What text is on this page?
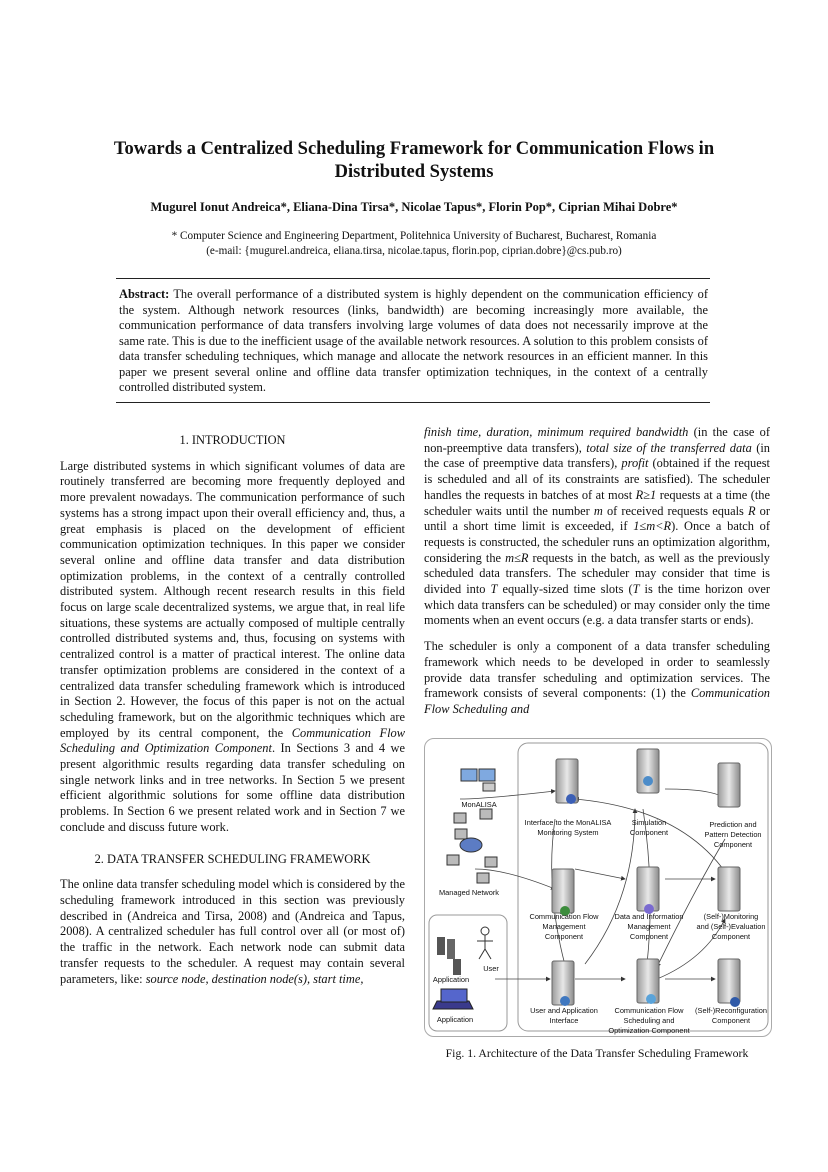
Towards a Centralized Scheduling Framework for Communication Flows in
Distributed Systems
Mugurel Ionut Andreica*, Eliana-Dina Tirsa*, Nicolae Tapus*, Florin Pop*, Ciprian Mihai Dobre*
* Computer Science and Engineering Department, Politehnica University of Bucharest, Bucharest, Romania
(e-mail: {mugurel.andreica, eliana.tirsa, nicolae.tapus, florin.pop, ciprian.dobre}@cs.pub.ro)
Abstract: The overall performance of a distributed system is highly dependent on the communication efficiency of the system. Although network resources (links, bandwidth) are becoming increasingly more available, the communication performance of data transfers involving large volumes of data does not necessarily improve at the same rate. This is due to the inefficient usage of the available network resources. A solution to this problem consists of data transfer scheduling techniques, which manage and allocate the network resources in an efficient manner. In this paper we present several online and offline data transfer optimization techniques, in the context of a centrally controlled distributed system.

1. INTRODUCTION

Large distributed systems in which significant volumes of data are routinely transferred are becoming more frequently deployed and more prevalent nowadays. The communication performance of such systems has a strong impact upon their overall efficiency and, thus, a great emphasis is placed on the development of efficient communication optimization techniques. In this paper we consider several online and offline data transfer and data distribution optimization problems, in the context of a centrally controlled distributed system. Although recent research results in this field focus on large scale decentralized systems, we argue that, in real life situations, these systems are actually composed of multiple centrally controlled distributed systems and, thus, focusing on systems with centralized control is a matter of practical interest. The online data transfer optimization problems are considered in the context of a centralized data transfer scheduling framework which is introduced in Section 2. However, the focus of this paper is not on the actual scheduling framework, but on the algorithmic techniques which are employed by its central component, the Communication Flow Scheduling and Optimization Component. In Sections 3 and 4 we present algorithmic results regarding data transfer scheduling on single network links and in tree networks. In Section 5 we present efficient algorithmic solutions for some offline data distribution problems. In Section 6 we present related work and in Section 7 we conclude and discuss future work.

2. DATA TRANSFER SCHEDULING FRAMEWORK

The online data transfer scheduling model which is considered by the scheduling framework introduced in this section was previously described in (Andreica and Tirsa, 2008) and (Andreica and Tapus, 2008). A centralized scheduler has full control over all (or most of) the traffic in the network. Each network node can submit data transfer requests to the scheduler. A request may contain several parameters, like: source node, destination node(s), start time,

finish time, duration, minimum required bandwidth (in the case of non-preemptive data transfers), total size of the transferred data (in the case of preemptive data transfers), profit (obtained if the request is scheduled and all of its constraints are satisfied). The scheduler handles the requests in batches of at most R≥1 requests at a time (the scheduler waits until the number m of received requests equals R or until a short time limit is exceeded, if 1≤m<R). Once a batch of requests is constructed, the scheduler runs an optimization algorithm, considering the m≤R requests in the batch, as well as the previously scheduled data transfers. The scheduler may consider that time is divided into T equally-sized time slots (T is the time horizon over which data transfers can be scheduled) or may consider only the time moments when an event occurs (e.g. a data transfer starts or ends).

The scheduler is only a component of a data transfer scheduling framework which needs to be developed in order to seamlessly provide data transfer scheduling and optimization services. The framework consists of several components: (1) the Communication Flow Scheduling and

MonALISA
Managed Network
Interface to the MonALISA
Monitoring System
Simulation
Component
Prediction and
Pattern Detection
Component
Communication Flow
Management
Component
Data and Information
Management
Component
(Self-)Monitoring
and (Self-)Evaluation
Component
User
Application
Application
User and Application
Interface
Communication Flow
Scheduling and
Optimization Component
(Self-)Reconfiguration
Component
Fig. 1. Architecture of the Data Transfer Scheduling Framework
